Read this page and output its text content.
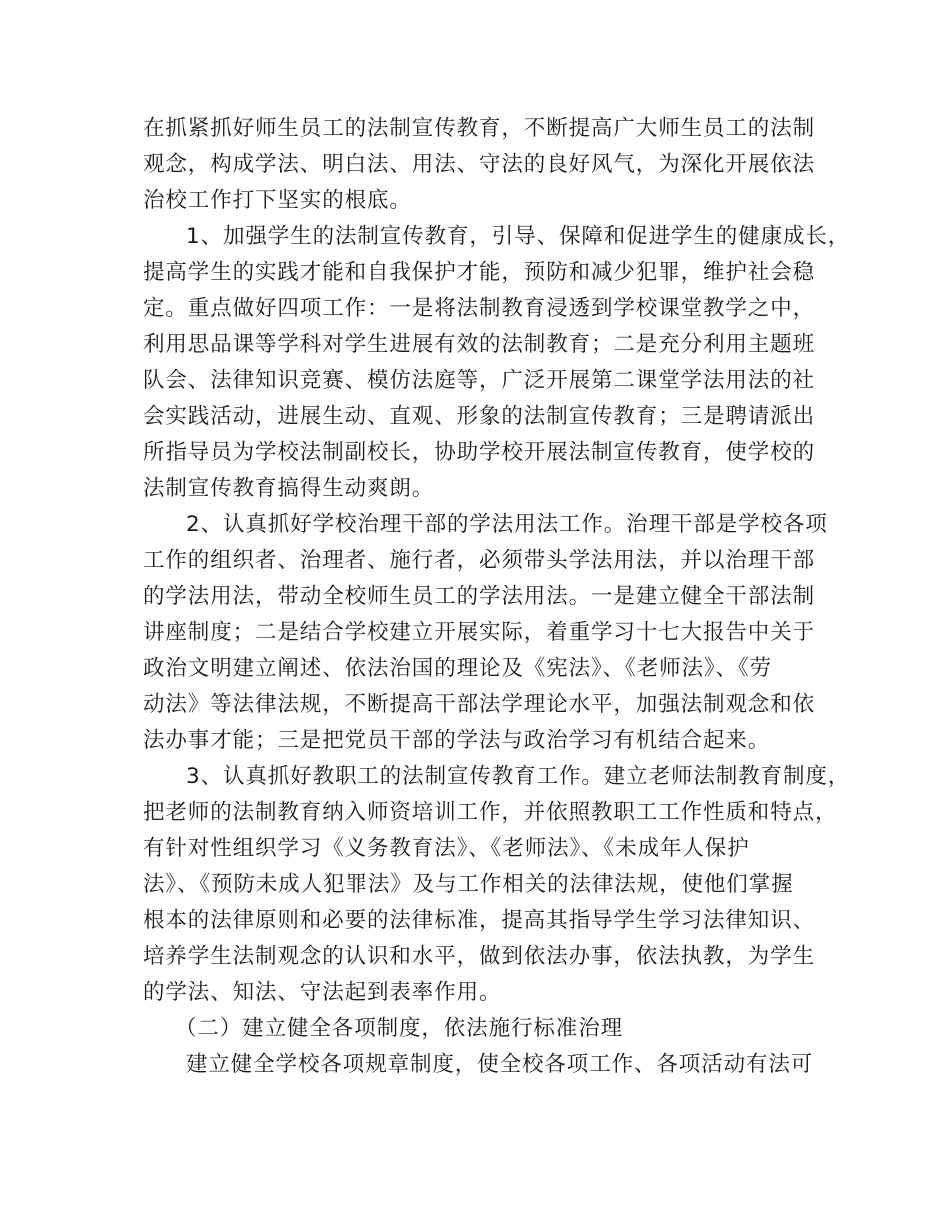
在抓紧抓好师生员工的法制宣传教育，不断提高广大师生员工的法制
观念，构成学法、明白法、用法、守法的良好风气，为深化开展依法
治校工作打下坚实的根底。
1、加强学生的法制宣传教育，引导、保障和促进学生的健康成长，
提高学生的实践才能和自我保护才能，预防和减少犯罪，维护社会稳
定。重点做好四项工作：一是将法制教育浸透到学校课堂教学之中，
利用思品课等学科对学生进展有效的法制教育；二是充分利用主题班
队会、法律知识竞赛、模仿法庭等，广泛开展第二课堂学法用法的社
会实践活动，进展生动、直观、形象的法制宣传教育；三是聘请派出
所指导员为学校法制副校长，协助学校开展法制宣传教育，使学校的
法制宣传教育搞得生动爽朗。
2、认真抓好学校治理干部的学法用法工作。治理干部是学校各项
工作的组织者、治理者、施行者，必须带头学法用法，并以治理干部
的学法用法，带动全校师生员工的学法用法。一是建立健全干部法制
讲座制度；二是结合学校建立开展实际，着重学习十七大报告中关于
政治文明建立阐述、依法治国的理论及《宪法》、《老师法》、《劳
动法》等法律法规，不断提高干部法学理论水平，加强法制观念和依
法办事才能；三是把党员干部的学法与政治学习有机结合起来。
3、认真抓好教职工的法制宣传教育工作。建立老师法制教育制度，
把老师的法制教育纳入师资培训工作，并依照教职工工作性质和特点，
有针对性组织学习《义务教育法》、《老师法》、《未成年人保护
法》、《预防未成人犯罪法》及与工作相关的法律法规，使他们掌握
根本的法律原则和必要的法律标准，提高其指导学生学习法律知识、
培养学生法制观念的认识和水平，做到依法办事，依法执教，为学生
的学法、知法、守法起到表率作用。
（二）建立健全各项制度，依法施行标准治理
建立健全学校各项规章制度，使全校各项工作、各项活动有法可
